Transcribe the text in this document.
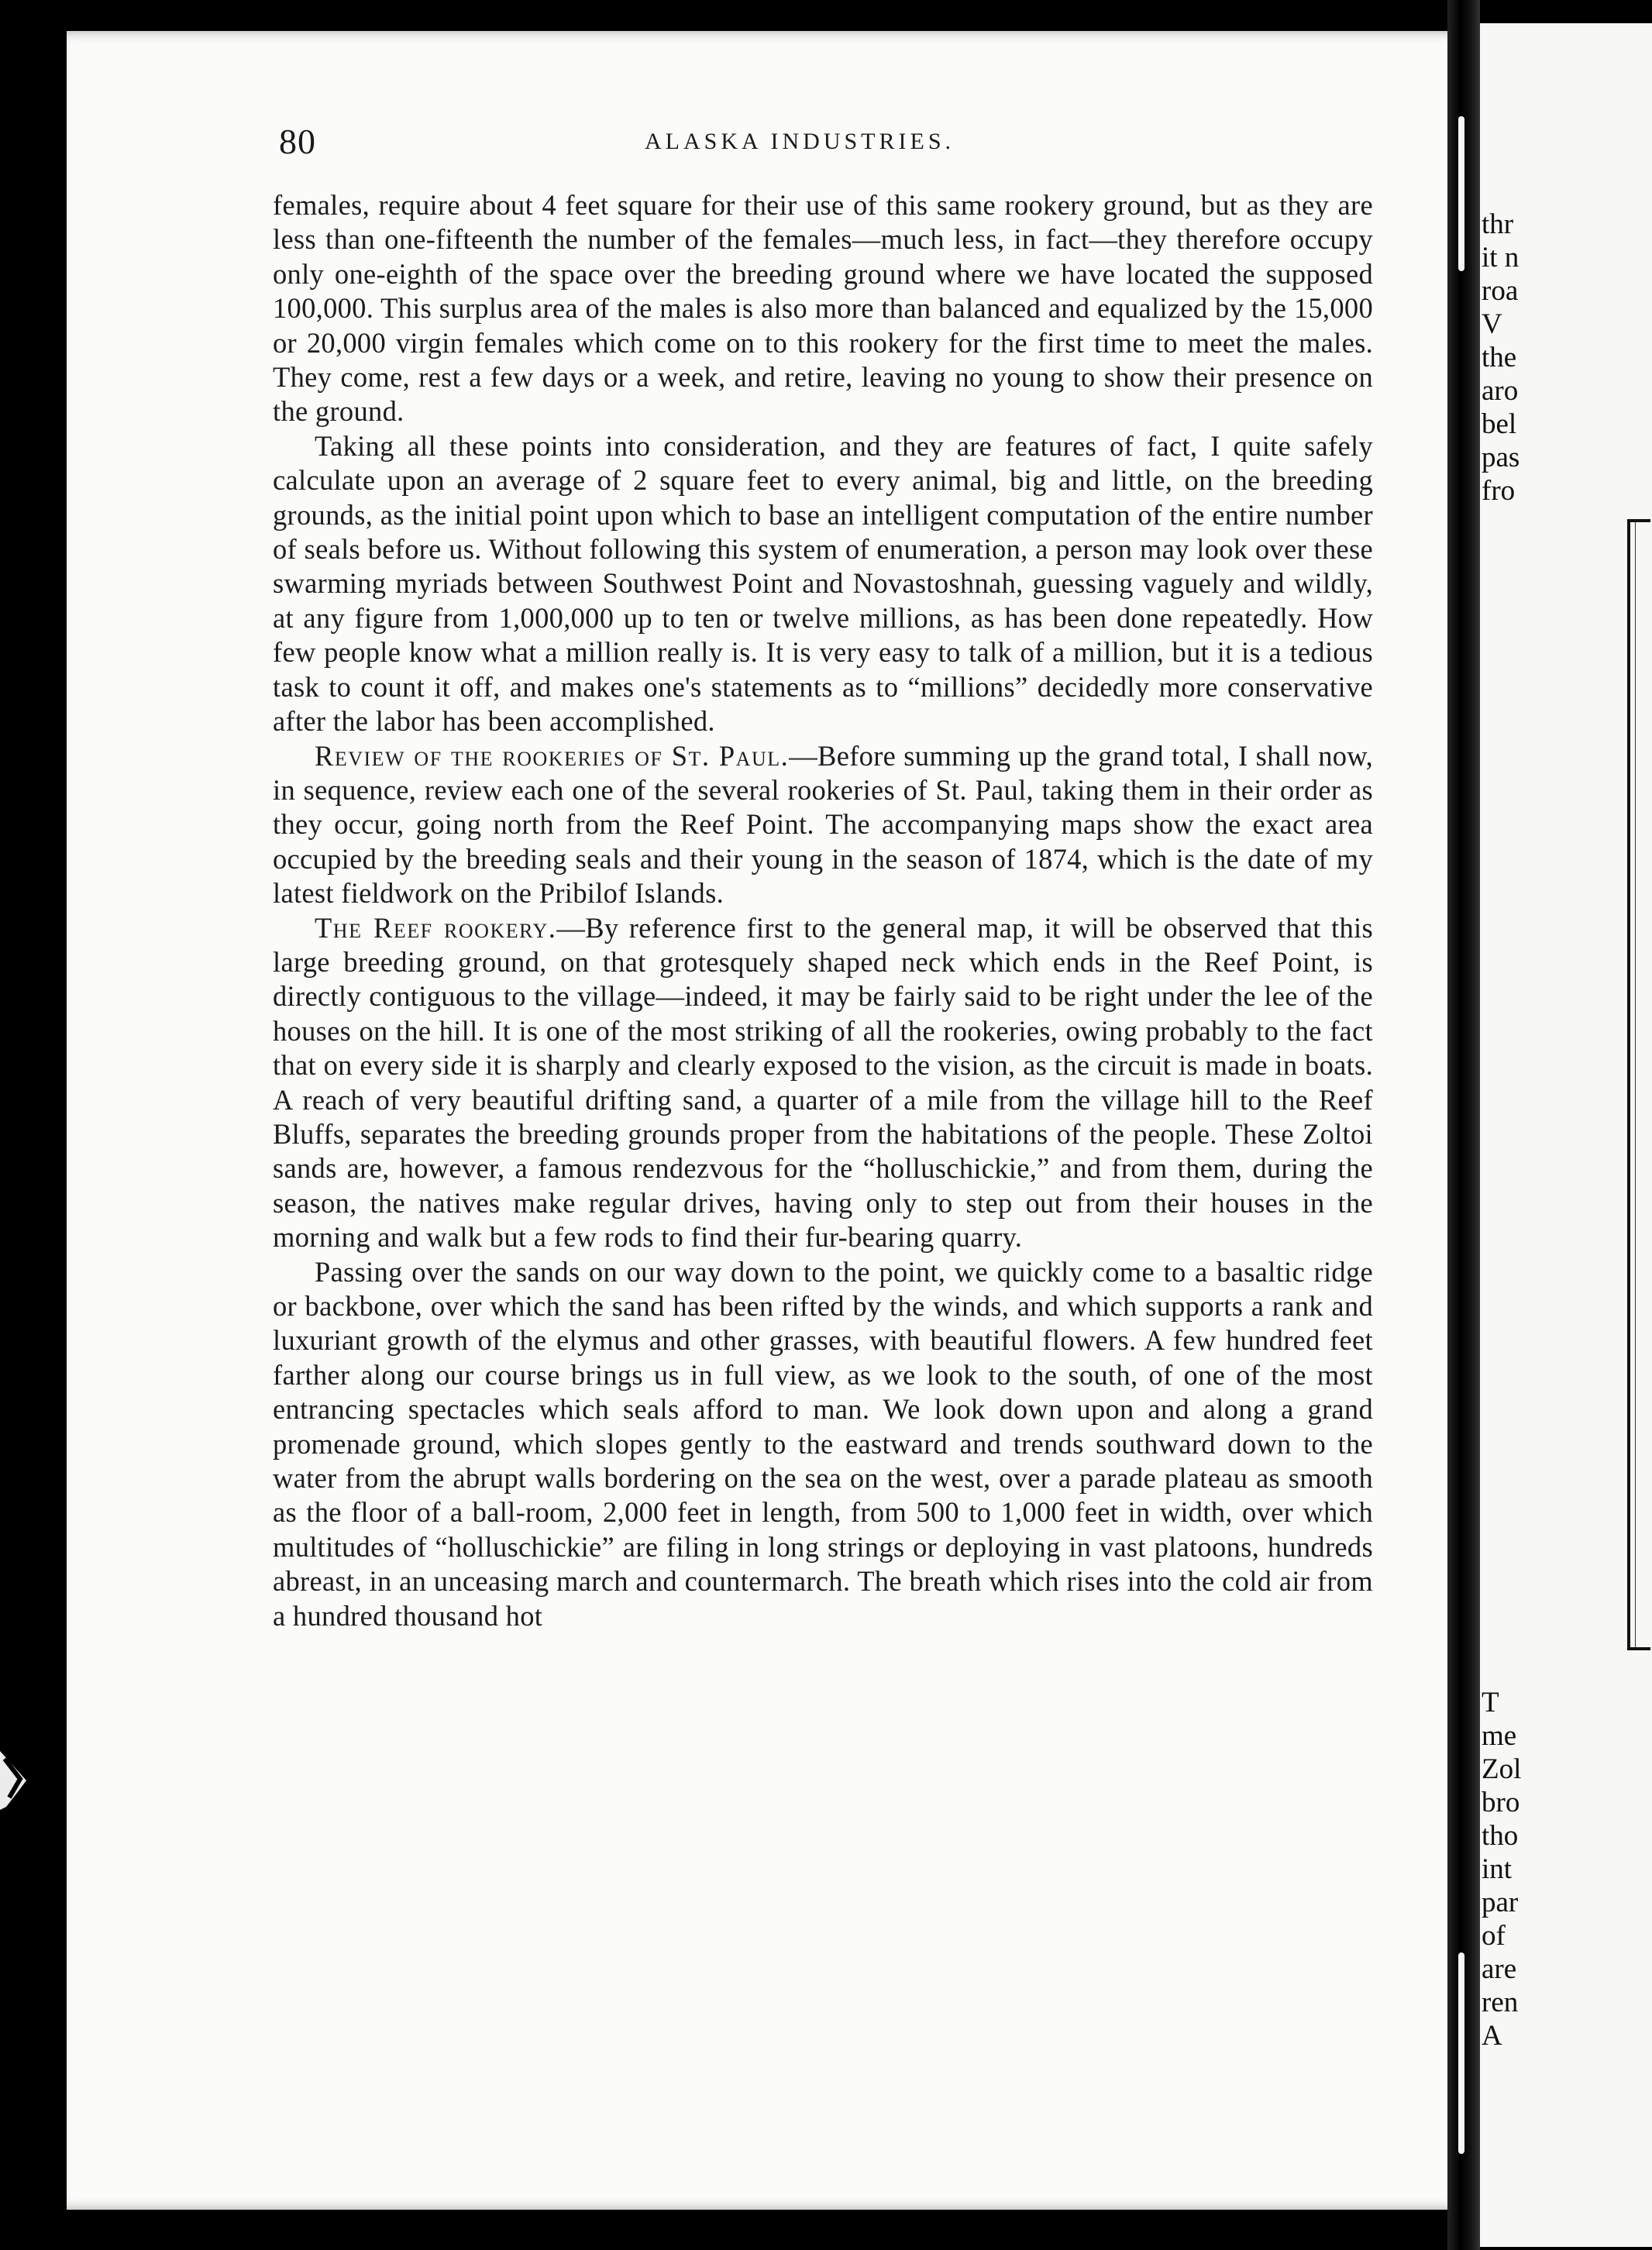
thr
it n
roa
V
the
aro
bel
pas
fro
T
me
Zol
bro
tho
int
par
of
are
ren
A
80	ALASKA INDUSTRIES.

females, require about 4 feet square for their use of this same rookery ground, but as they are less than one-fifteenth the number of the females—much less, in fact—they therefore occupy only one-eighth of the space over the breeding ground where we have located the supposed 100,000. This surplus area of the males is also more than balanced and equalized by the 15,000 or 20,000 virgin females which come on to this rookery for the first time to meet the males. They come, rest a few days or a week, and retire, leaving no young to show their presence on the ground.

Taking all these points into consideration, and they are features of fact, I quite safely calculate upon an average of 2 square feet to every animal, big and little, on the breeding grounds, as the initial point upon which to base an intelligent computation of the entire number of seals before us. Without following this system of enumeration, a person may look over these swarming myriads between Southwest Point and Novastoshnah, guessing vaguely and wildly, at any figure from 1,000,000 up to ten or twelve millions, as has been done repeatedly. How few people know what a million really is. It is very easy to talk of a million, but it is a tedious task to count it off, and makes one's statements as to “millions” decidedly more conservative after the labor has been accomplished.

Review of the rookeries of St. Paul.—Before summing up the grand total, I shall now, in sequence, review each one of the several rookeries of St. Paul, taking them in their order as they occur, going north from the Reef Point. The accompanying maps show the exact area occupied by the breeding seals and their young in the season of 1874, which is the date of my latest fieldwork on the Pribilof Islands.

The Reef rookery.—By reference first to the general map, it will be observed that this large breeding ground, on that grotesquely shaped neck which ends in the Reef Point, is directly contiguous to the village—indeed, it may be fairly said to be right under the lee of the houses on the hill. It is one of the most striking of all the rookeries, owing probably to the fact that on every side it is sharply and clearly exposed to the vision, as the circuit is made in boats. A reach of very beautiful drifting sand, a quarter of a mile from the village hill to the Reef Bluffs, separates the breeding grounds proper from the habitations of the people. These Zoltoi sands are, however, a famous rendezvous for the “holluschickie,” and from them, during the season, the natives make regular drives, having only to step out from their houses in the morning and walk but a few rods to find their fur-bearing quarry.

Passing over the sands on our way down to the point, we quickly come to a basaltic ridge or backbone, over which the sand has been rifted by the winds, and which supports a rank and luxuriant growth of the elymus and other grasses, with beautiful flowers. A few hundred feet farther along our course brings us in full view, as we look to the south, of one of the most entrancing spectacles which seals afford to man. We look down upon and along a grand promenade ground, which slopes gently to the eastward and trends southward down to the water from the abrupt walls bordering on the sea on the west, over a parade plateau as smooth as the floor of a ball-room, 2,000 feet in length, from 500 to 1,000 feet in width, over which multitudes of “holluschickie” are filing in long strings or deploying in vast platoons, hundreds abreast, in an unceasing march and countermarch. The breath which rises into the cold air from a hundred thousand hot
